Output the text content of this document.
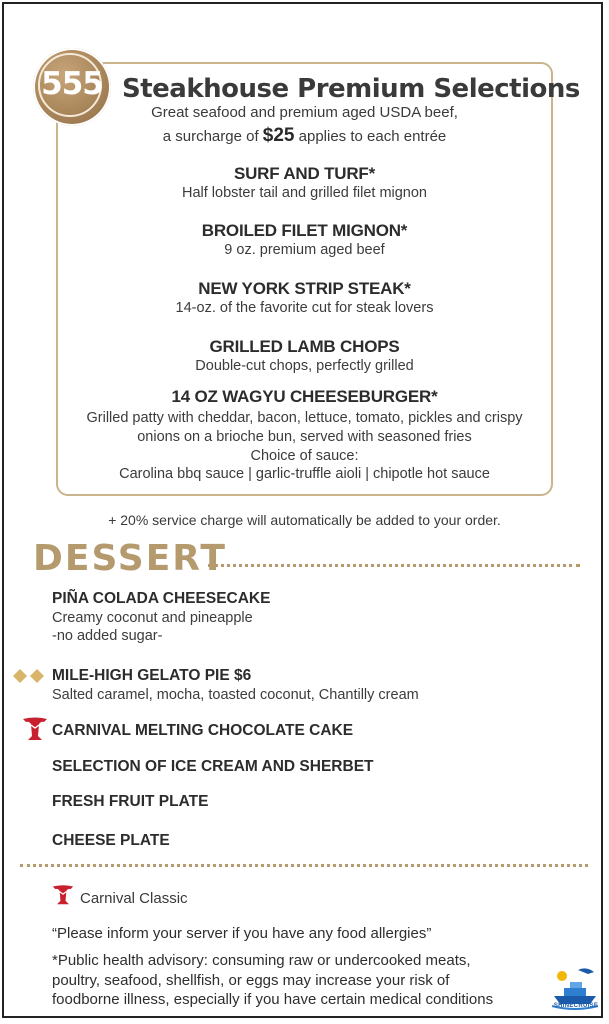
555 Steakhouse Premium Selections
Great seafood and premium aged USDA beef,
a surcharge of $25 applies to each entrée
SURF AND TURF*
Half lobster tail and grilled filet mignon
BROILED FILET MIGNON*
9 oz. premium aged beef
NEW YORK STRIP STEAK*
14-oz. of the favorite cut for steak lovers
GRILLED LAMB CHOPS
Double-cut chops, perfectly grilled
14 OZ WAGYU CHEESEBURGER*
Grilled patty with cheddar, bacon, lettuce, tomato, pickles and crispy
onions on a brioche bun, served with seasoned fries
Choice of sauce:
Carolina bbq sauce | garlic-truffle aioli | chipotle hot sauce
+ 20% service charge will automatically be added to your order.
DESSERT
PIÑA COLADA CHEESECAKE
Creamy coconut and pineapple
-no added sugar-
MILE-HIGH GELATO PIE $6
Salted caramel, mocha, toasted coconut, Chantilly cream
CARNIVAL MELTING CHOCOLATE CAKE
SELECTION OF ICE CREAM AND SHERBET
FRESH FRUIT PLATE
CHEESE PLATE
Carnival Classic
“Please inform your server if you have any food allergies”
*Public health advisory: consuming raw or undercooked meats,
poultry, seafood, shellfish, or eggs may increase your risk of
foodborne illness, especially if you have certain medical conditions	SHINECRUISE
